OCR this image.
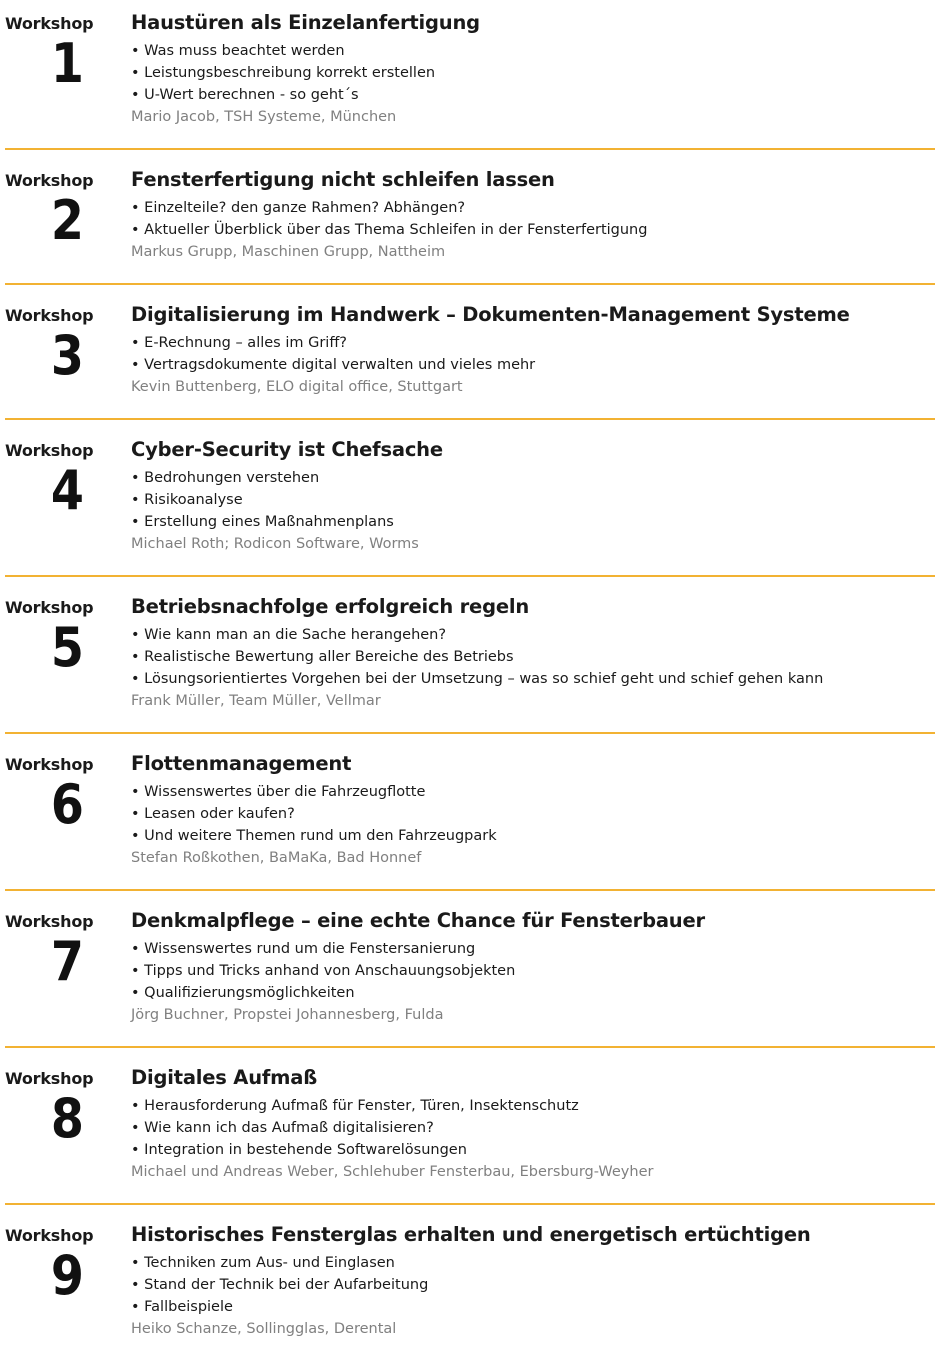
Workshop
1
Haustüren als Einzelanfertigung
• Was muss beachtet werden
• Leistungsbeschreibung korrekt erstellen
• U-Wert berechnen - so geht´s
Mario Jacob, TSH Systeme, München
Workshop
2
Fensterfertigung nicht schleifen lassen
• Einzelteile? den ganze Rahmen? Abhängen?
• Aktueller Überblick über das Thema Schleifen in der Fensterfertigung
Markus Grupp, Maschinen Grupp, Nattheim
Workshop
3
Digitalisierung im Handwerk – Dokumenten-Management Systeme
• E-Rechnung – alles im Griff?
• Vertragsdokumente digital verwalten und vieles mehr
Kevin Buttenberg, ELO digital office, Stuttgart
Workshop
4
Cyber-Security ist Chefsache
• Bedrohungen verstehen
• Risikoanalyse
• Erstellung eines Maßnahmenplans
Michael Roth; Rodicon Software, Worms
Workshop
5
Betriebsnachfolge erfolgreich regeln
• Wie kann man an die Sache herangehen?
• Realistische Bewertung aller Bereiche des Betriebs
• Lösungsorientiertes Vorgehen bei der Umsetzung – was so schief geht und schief gehen kann
Frank Müller, Team Müller, Vellmar
Workshop
6
Flottenmanagement
• Wissenswertes über die Fahrzeugflotte
• Leasen oder kaufen?
• Und weitere Themen rund um den Fahrzeugpark
Stefan Roßkothen, BaMaKa, Bad Honnef
Workshop
7
Denkmalpflege – eine echte Chance für Fensterbauer
• Wissenswertes rund um die Fenstersanierung
• Tipps und Tricks anhand von Anschauungsobjekten
• Qualifizierungsmöglichkeiten
Jörg Buchner, Propstei Johannesberg, Fulda
Workshop
8
Digitales Aufmaß
• Herausforderung Aufmaß für Fenster, Türen, Insektenschutz
• Wie kann ich das Aufmaß digitalisieren?
• Integration in bestehende Softwarelösungen
Michael und Andreas Weber, Schlehuber Fensterbau, Ebersburg-Weyher
Workshop
9
Historisches Fensterglas erhalten und energetisch ertüchtigen
• Techniken zum Aus- und Einglasen
• Stand der Technik bei der Aufarbeitung
• Fallbeispiele
Heiko Schanze, Sollingglas, Derental
